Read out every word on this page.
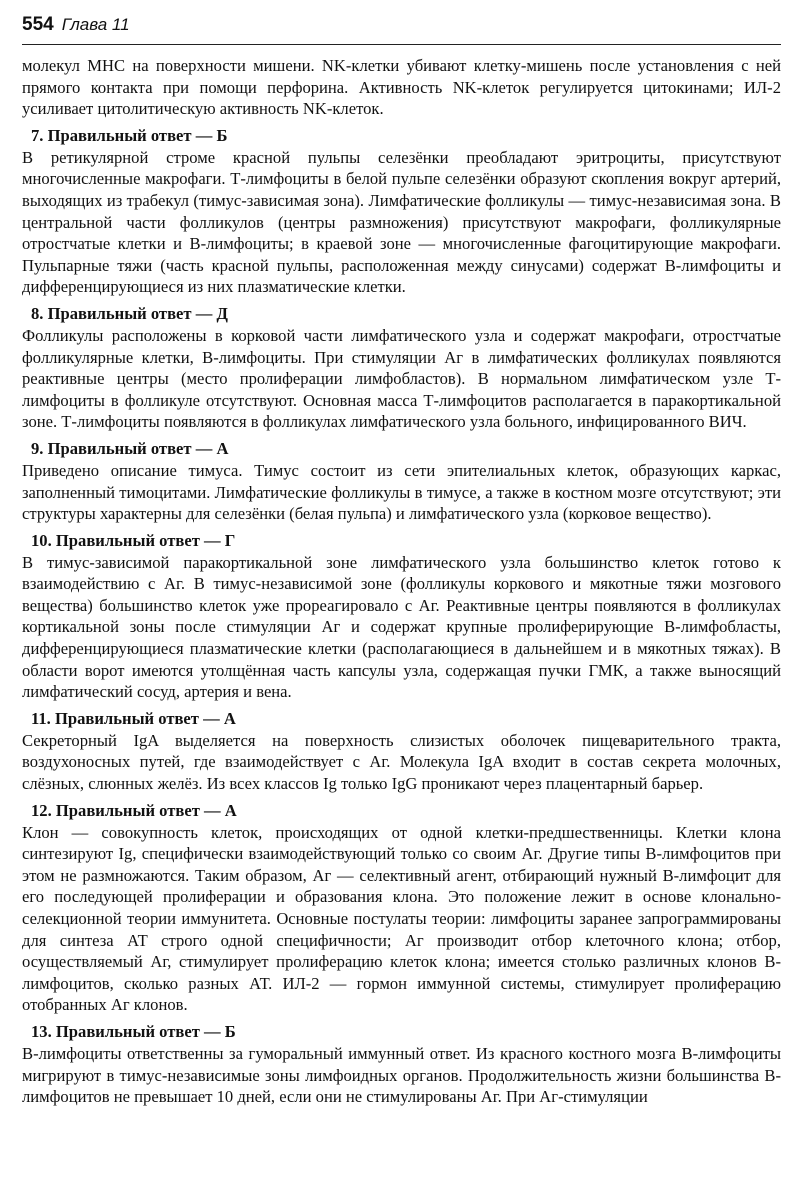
554 Глава 11

молекул МНС на поверхности мишени. NK-клетки убивают клетку-мишень после установления с ней прямого контакта при помощи перфорина. Активность NK-клеток регулируется цитокинами; ИЛ-2 усиливает цитолитическую активность NK-клеток.

7. Правильный ответ — Б

В ретикулярной строме красной пульпы селезёнки преобладают эритроциты, присутствуют многочисленные макрофаги. Т-лимфоциты в белой пульпе селезёнки образуют скопления вокруг артерий, выходящих из трабекул (тимус-зависимая зона). Лимфатические фолликулы — тимус-независимая зона. В центральной части фолликулов (центры размножения) присутствуют макрофаги, фолликулярные отростчатые клетки и В-лимфоциты; в краевой зоне — многочисленные фагоцитирующие макрофаги. Пульпарные тяжи (часть красной пульпы, расположенная между синусами) содержат В-лимфоциты и дифференцирующиеся из них плазматические клетки.

8. Правильный ответ — Д

Фолликулы расположены в корковой части лимфатического узла и содержат макрофаги, отростчатые фолликулярные клетки, В-лимфоциты. При стимуляции Аг в лимфатических фолликулах появляются реактивные центры (место пролиферации лимфобластов). В нормальном лимфатическом узле Т-лимфоциты в фолликуле отсутствуют. Основная масса Т-лимфоцитов располагается в паракортикальной зоне. Т-лимфоциты появляются в фолликулах лимфатического узла больного, инфицированного ВИЧ.

9. Правильный ответ — А

Приведено описание тимуса. Тимус состоит из сети эпителиальных клеток, образующих каркас, заполненный тимоцитами. Лимфатические фолликулы в тимусе, а также в костном мозге отсутствуют; эти структуры характерны для селезёнки (белая пульпа) и лимфатического узла (корковое вещество).

10. Правильный ответ — Г

В тимус-зависимой паракортикальной зоне лимфатического узла большинство клеток готово к взаимодействию с Аг. В тимус-независимой зоне (фолликулы коркового и мякотные тяжи мозгового вещества) большинство клеток уже прореагировало с Аг. Реактивные центры появляются в фолликулах кортикальной зоны после стимуляции Аг и содержат крупные пролиферирующие В-лимфобласты, дифференцирующиеся плазматические клетки (располагающиеся в дальнейшем и в мякотных тяжах). В области ворот имеются утолщённая часть капсулы узла, содержащая пучки ГМК, а также выносящий лимфатический сосуд, артерия и вена.

11. Правильный ответ — А

Секреторный IgA выделяется на поверхность слизистых оболочек пищеварительного тракта, воздухоносных путей, где взаимодействует с Аг. Молекула IgA входит в состав секрета молочных, слёзных, слюнных желёз. Из всех классов Ig только IgG проникают через плацентарный барьер.

12. Правильный ответ — А

Клон — совокупность клеток, происходящих от одной клетки-предшественницы. Клетки клона синтезируют Ig, специфически взаимодействующий только со своим Аг. Другие типы В-лимфоцитов при этом не размножаются. Таким образом, Аг — селективный агент, отбирающий нужный В-лимфоцит для его последующей пролиферации и образования клона. Это положение лежит в основе клонально-селекционной теории иммунитета. Основные постулаты теории: лимфоциты заранее запрограммированы для синтеза АТ строго одной специфичности; Аг производит отбор клеточного клона; отбор, осуществляемый Аг, стимулирует пролиферацию клеток клона; имеется столько различных клонов В-лимфоцитов, сколько разных АТ. ИЛ-2 — гормон иммунной системы, стимулирует пролиферацию отобранных Аг клонов.

13. Правильный ответ — Б

В-лимфоциты ответственны за гуморальный иммунный ответ. Из красного костного мозга В-лимфоциты мигрируют в тимус-независимые зоны лимфоидных органов. Продолжительность жизни большинства В-лимфоцитов не превышает 10 дней, если они не стимулированы Аг. При Аг-стимуляции
